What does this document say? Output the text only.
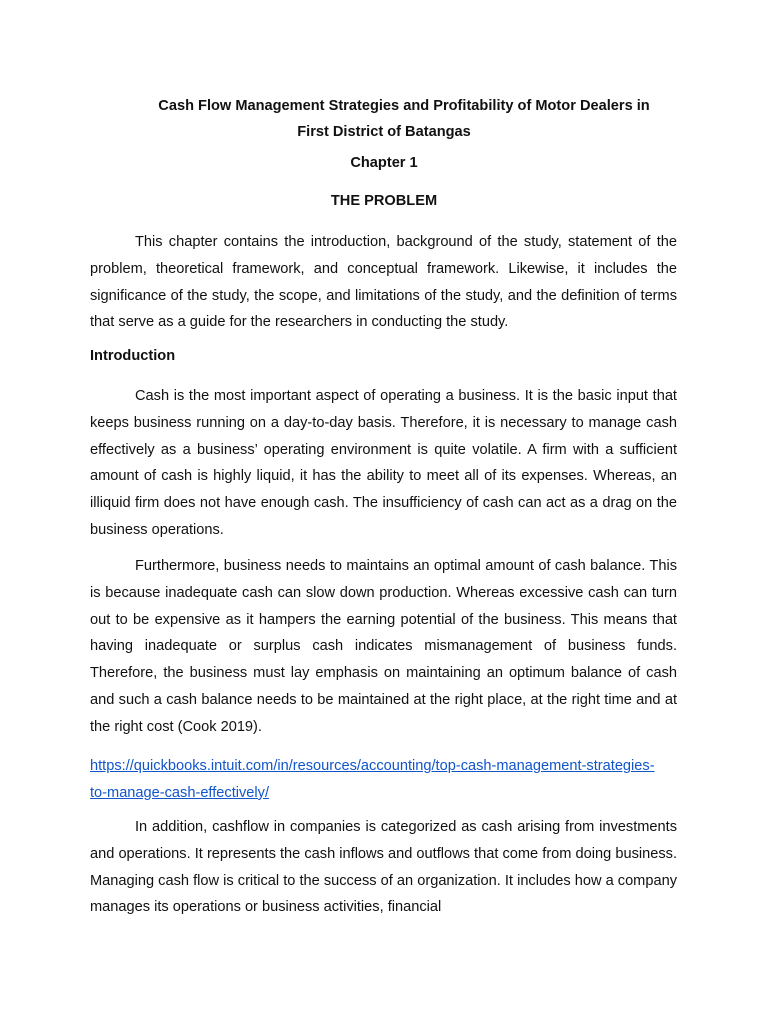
Cash Flow Management Strategies and Profitability of Motor Dealers in
First District of Batangas
Chapter 1
THE PROBLEM

This chapter contains the introduction, background of the study, statement of the problem, theoretical framework, and conceptual framework. Likewise, it includes the significance of the study, the scope, and limitations of the study, and the definition of terms that serve as a guide for the researchers in conducting the study.

Introduction

Cash is the most important aspect of operating a business. It is the basic input that keeps business running on a day-to-day basis. Therefore, it is necessary to manage cash effectively as a business’ operating environment is quite volatile. A firm with a sufficient amount of cash is highly liquid, it has the ability to meet all of its expenses. Whereas, an illiquid firm does not have enough cash. The insufficiency of cash can act as a drag on the business operations.

Furthermore, business needs to maintains an optimal amount of cash balance. This is because inadequate cash can slow down production. Whereas excessive cash can turn out to be expensive as it hampers the earning potential of the business. This means that having inadequate or surplus cash indicates mismanagement of business funds. Therefore, the business must lay emphasis on maintaining an optimum balance of cash and such a cash balance needs to be maintained at the right place, at the right time and at the right cost (Cook 2019).

https://quickbooks.intuit.com/in/resources/accounting/top-cash-management-strategies-
to-manage-cash-effectively/

In addition, cashflow in companies is categorized as cash arising from investments and operations. It represents the cash inflows and outflows that come from doing business. Managing cash flow is critical to the success of an organization. It includes how a company manages its operations or business activities, financial
